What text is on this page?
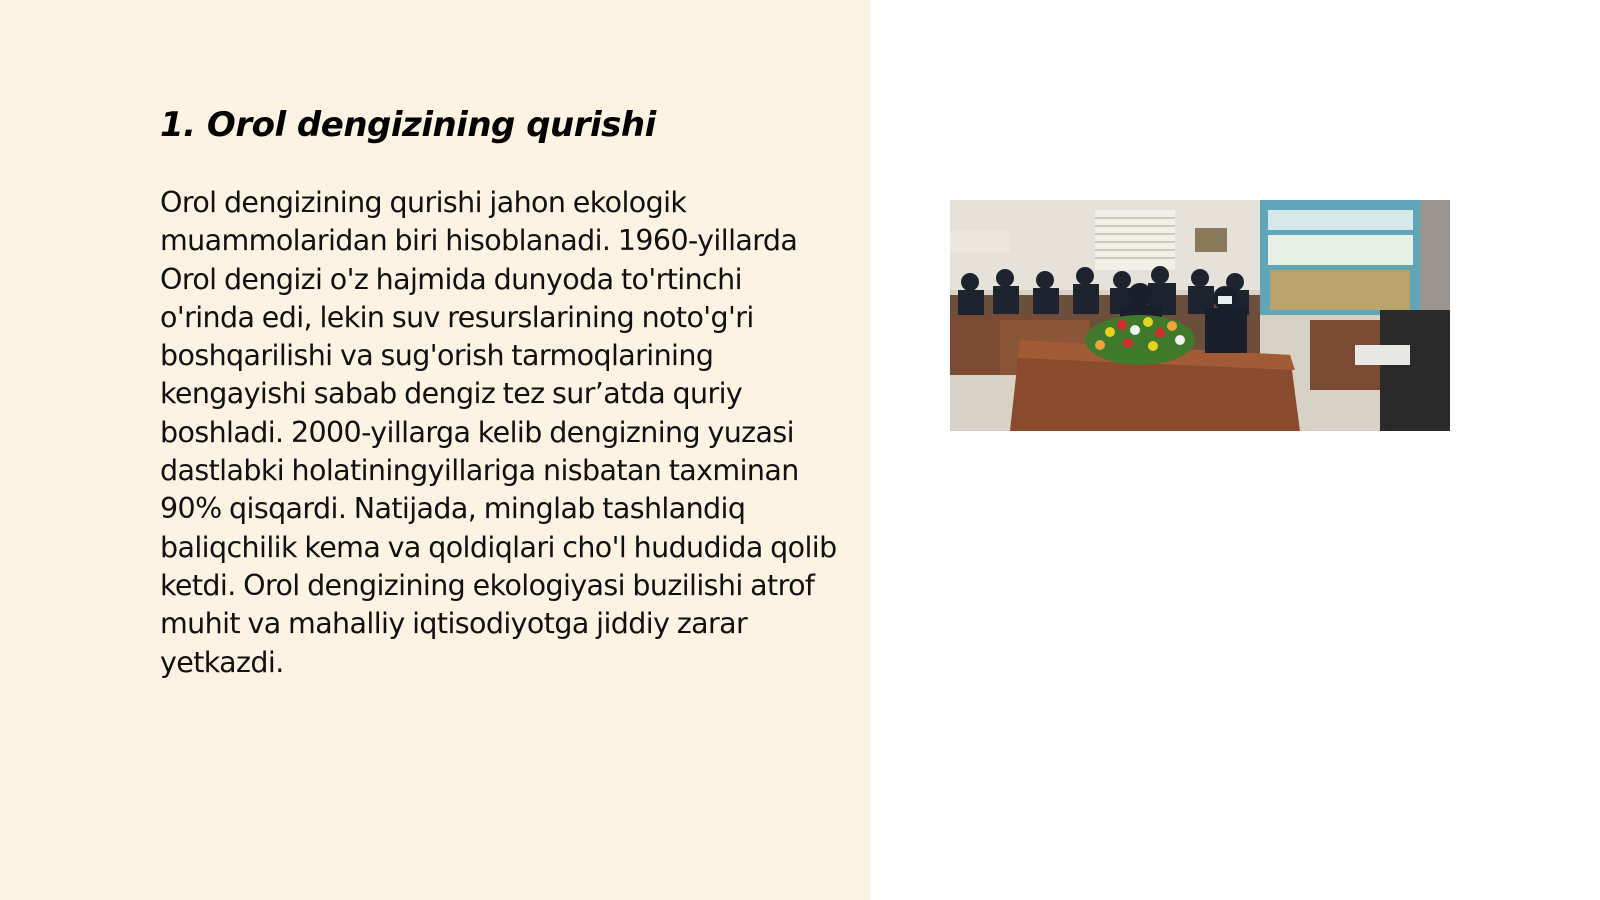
1. Orol dengizining qurishi

Orol dengizining qurishi jahon ekologik muammolaridan biri hisoblanadi. 1960-yillarda Orol dengizi o'z hajmida dunyoda to'rtinchi o'rinda edi, lekin suv resurslarining noto'g'ri boshqarilishi va sug'orish tarmoqlarining kengayishi sabab dengiz tez sur’atda quriy boshladi. 2000-yillarga kelib dengizning yuzasi dastlabki holatiningyillariga nisbatan taxminan 90% qisqardi. Natijada, minglab tashlandiq baliqchilik kema va qoldiqlari cho'l hududida qolib ketdi. Orol dengizining ekologiyasi buzilishi atrof muhit va mahalliy iqtisodiyotga jiddiy zarar yetkazdi.
